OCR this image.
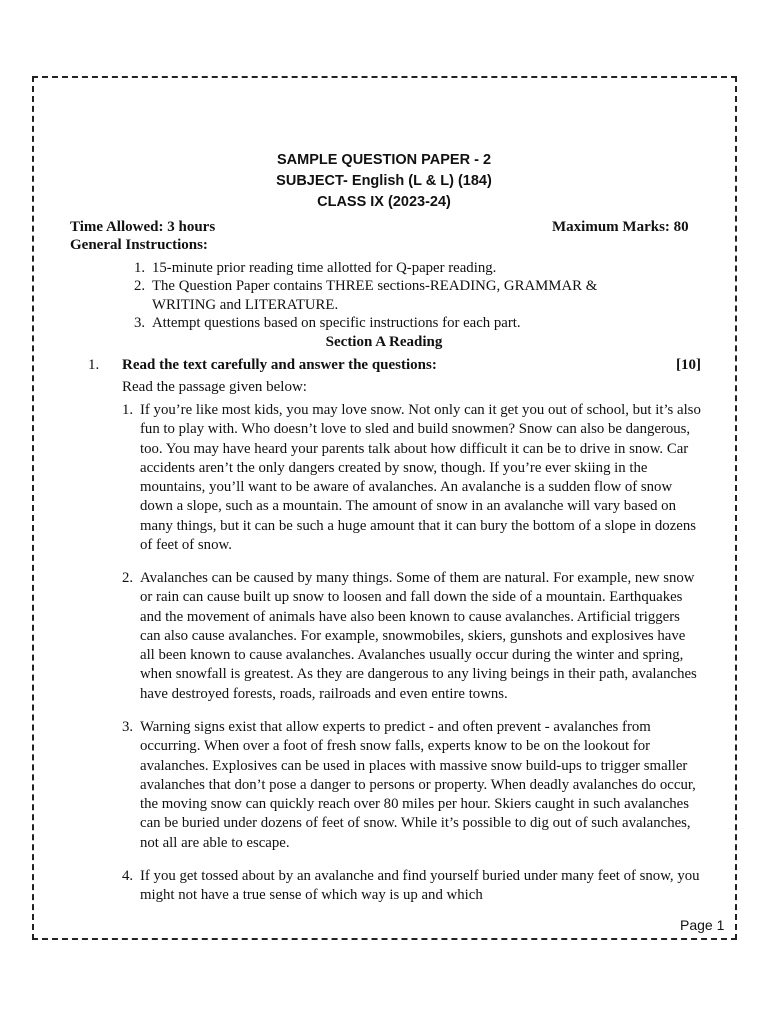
SAMPLE QUESTION PAPER - 2
SUBJECT- English (L & L) (184)
CLASS IX (2023-24)
Time Allowed: 3 hours	Maximum Marks: 80
General Instructions:
1. 15-minute prior reading time allotted for Q-paper reading.
2. The Question Paper contains THREE sections-READING, GRAMMAR & WRITING and LITERATURE.
3. Attempt questions based on specific instructions for each part.
Section A Reading
1. Read the text carefully and answer the questions:	[10]
Read the passage given below:
1. If you’re like most kids, you may love snow. Not only can it get you out of school, but it’s also fun to play with. Who doesn’t love to sled and build snowmen? Snow can also be dangerous, too. You may have heard your parents talk about how difficult it can be to drive in snow. Car accidents aren’t the only dangers created by snow, though. If you’re ever skiing in the mountains, you’ll want to be aware of avalanches. An avalanche is a sudden flow of snow down a slope, such as a mountain. The amount of snow in an avalanche will vary based on many things, but it can be such a huge amount that it can bury the bottom of a slope in dozens of feet of snow.
2. Avalanches can be caused by many things. Some of them are natural. For example, new snow or rain can cause built up snow to loosen and fall down the side of a mountain. Earthquakes and the movement of animals have also been known to cause avalanches. Artificial triggers can also cause avalanches. For example, snowmobiles, skiers, gunshots and explosives have all been known to cause avalanches. Avalanches usually occur during the winter and spring, when snowfall is greatest. As they are dangerous to any living beings in their path, avalanches have destroyed forests, roads, railroads and even entire towns.
3. Warning signs exist that allow experts to predict - and often prevent - avalanches from occurring. When over a foot of fresh snow falls, experts know to be on the lookout for avalanches. Explosives can be used in places with massive snow build-ups to trigger smaller avalanches that don’t pose a danger to persons or property. When deadly avalanches do occur, the moving snow can quickly reach over 80 miles per hour. Skiers caught in such avalanches can be buried under dozens of feet of snow. While it’s possible to dig out of such avalanches, not all are able to escape.
4. If you get tossed about by an avalanche and find yourself buried under many feet of snow, you might not have a true sense of which way is up and which
Page 1
